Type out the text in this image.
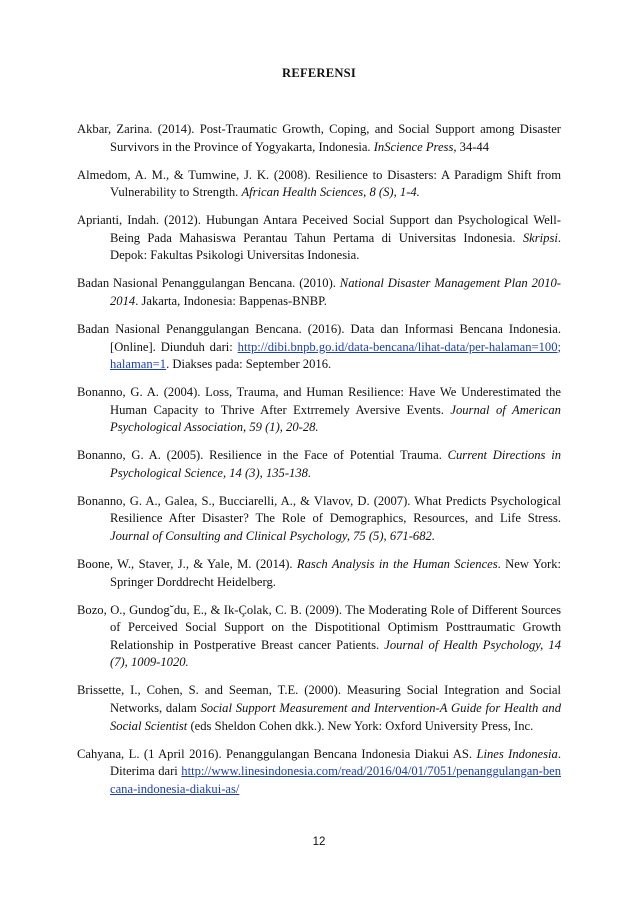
REFERENSI

Akbar, Zarina. (2014). Post-Traumatic Growth, Coping, and Social Support among Disaster Survivors in the Province of Yogyakarta, Indonesia. InScience Press, 34-44

Almedom, A. M., & Tumwine, J. K. (2008). Resilience to Disasters: A Paradigm Shift from Vulnerability to Strength. African Health Sciences, 8 (S), 1-4.

Aprianti, Indah. (2012). Hubungan Antara Peceived Social Support dan Psychological Well-Being Pada Mahasiswa Perantau Tahun Pertama di Universitas Indonesia. Skripsi. Depok: Fakultas Psikologi Universitas Indonesia.

Badan Nasional Penanggulangan Bencana. (2010). National Disaster Management Plan 2010-2014. Jakarta, Indonesia: Bappenas-BNBP.

Badan Nasional Penanggulangan Bencana. (2016). Data dan Informasi Bencana Indonesia. [Online]. Diunduh dari: http://dibi.bnpb.go.id/data-bencana/lihat-data/per-halaman=100;halaman=1. Diakses pada: September 2016.

Bonanno, G. A. (2004). Loss, Trauma, and Human Resilience: Have We Underestimated the Human Capacity to Thrive After Extrremely Aversive Events. Journal of American Psychological Association, 59 (1), 20-28.

Bonanno, G. A. (2005). Resilience in the Face of Potential Trauma. Current Directions in Psychological Science, 14 (3), 135-138.

Bonanno, G. A., Galea, S., Bucciarelli, A., & Vlavov, D. (2007). What Predicts Psychological Resilience After Disaster? The Role of Demographics, Resources, and Life Stress. Journal of Consulting and Clinical Psychology, 75 (5), 671-682.

Boone, W., Staver, J., & Yale, M. (2014). Rasch Analysis in the Human Sciences. New York: Springer Dorddrecht Heidelberg.

Bozo, O., Gundog˘du, E., & Ik-Çolak, C. B. (2009). The Moderating Role of Different Sources of Perceived Social Support on the Dispotitional Optimism Posttraumatic Growth Relationship in Postperative Breast cancer Patients. Journal of Health Psychology, 14 (7), 1009-1020.

Brissette, I., Cohen, S. and Seeman, T.E. (2000). Measuring Social Integration and Social Networks, dalam Social Support Measurement and Intervention-A Guide for Health and Social Scientist (eds Sheldon Cohen dkk.). New York: Oxford University Press, Inc.

Cahyana, L. (1 April 2016). Penanggulangan Bencana Indonesia Diakui AS. Lines Indonesia. Diterima dari http://www.linesindonesia.com/read/2016/04/01/7051/penanggulangan-bencana-indonesia-diakui-as/

12
